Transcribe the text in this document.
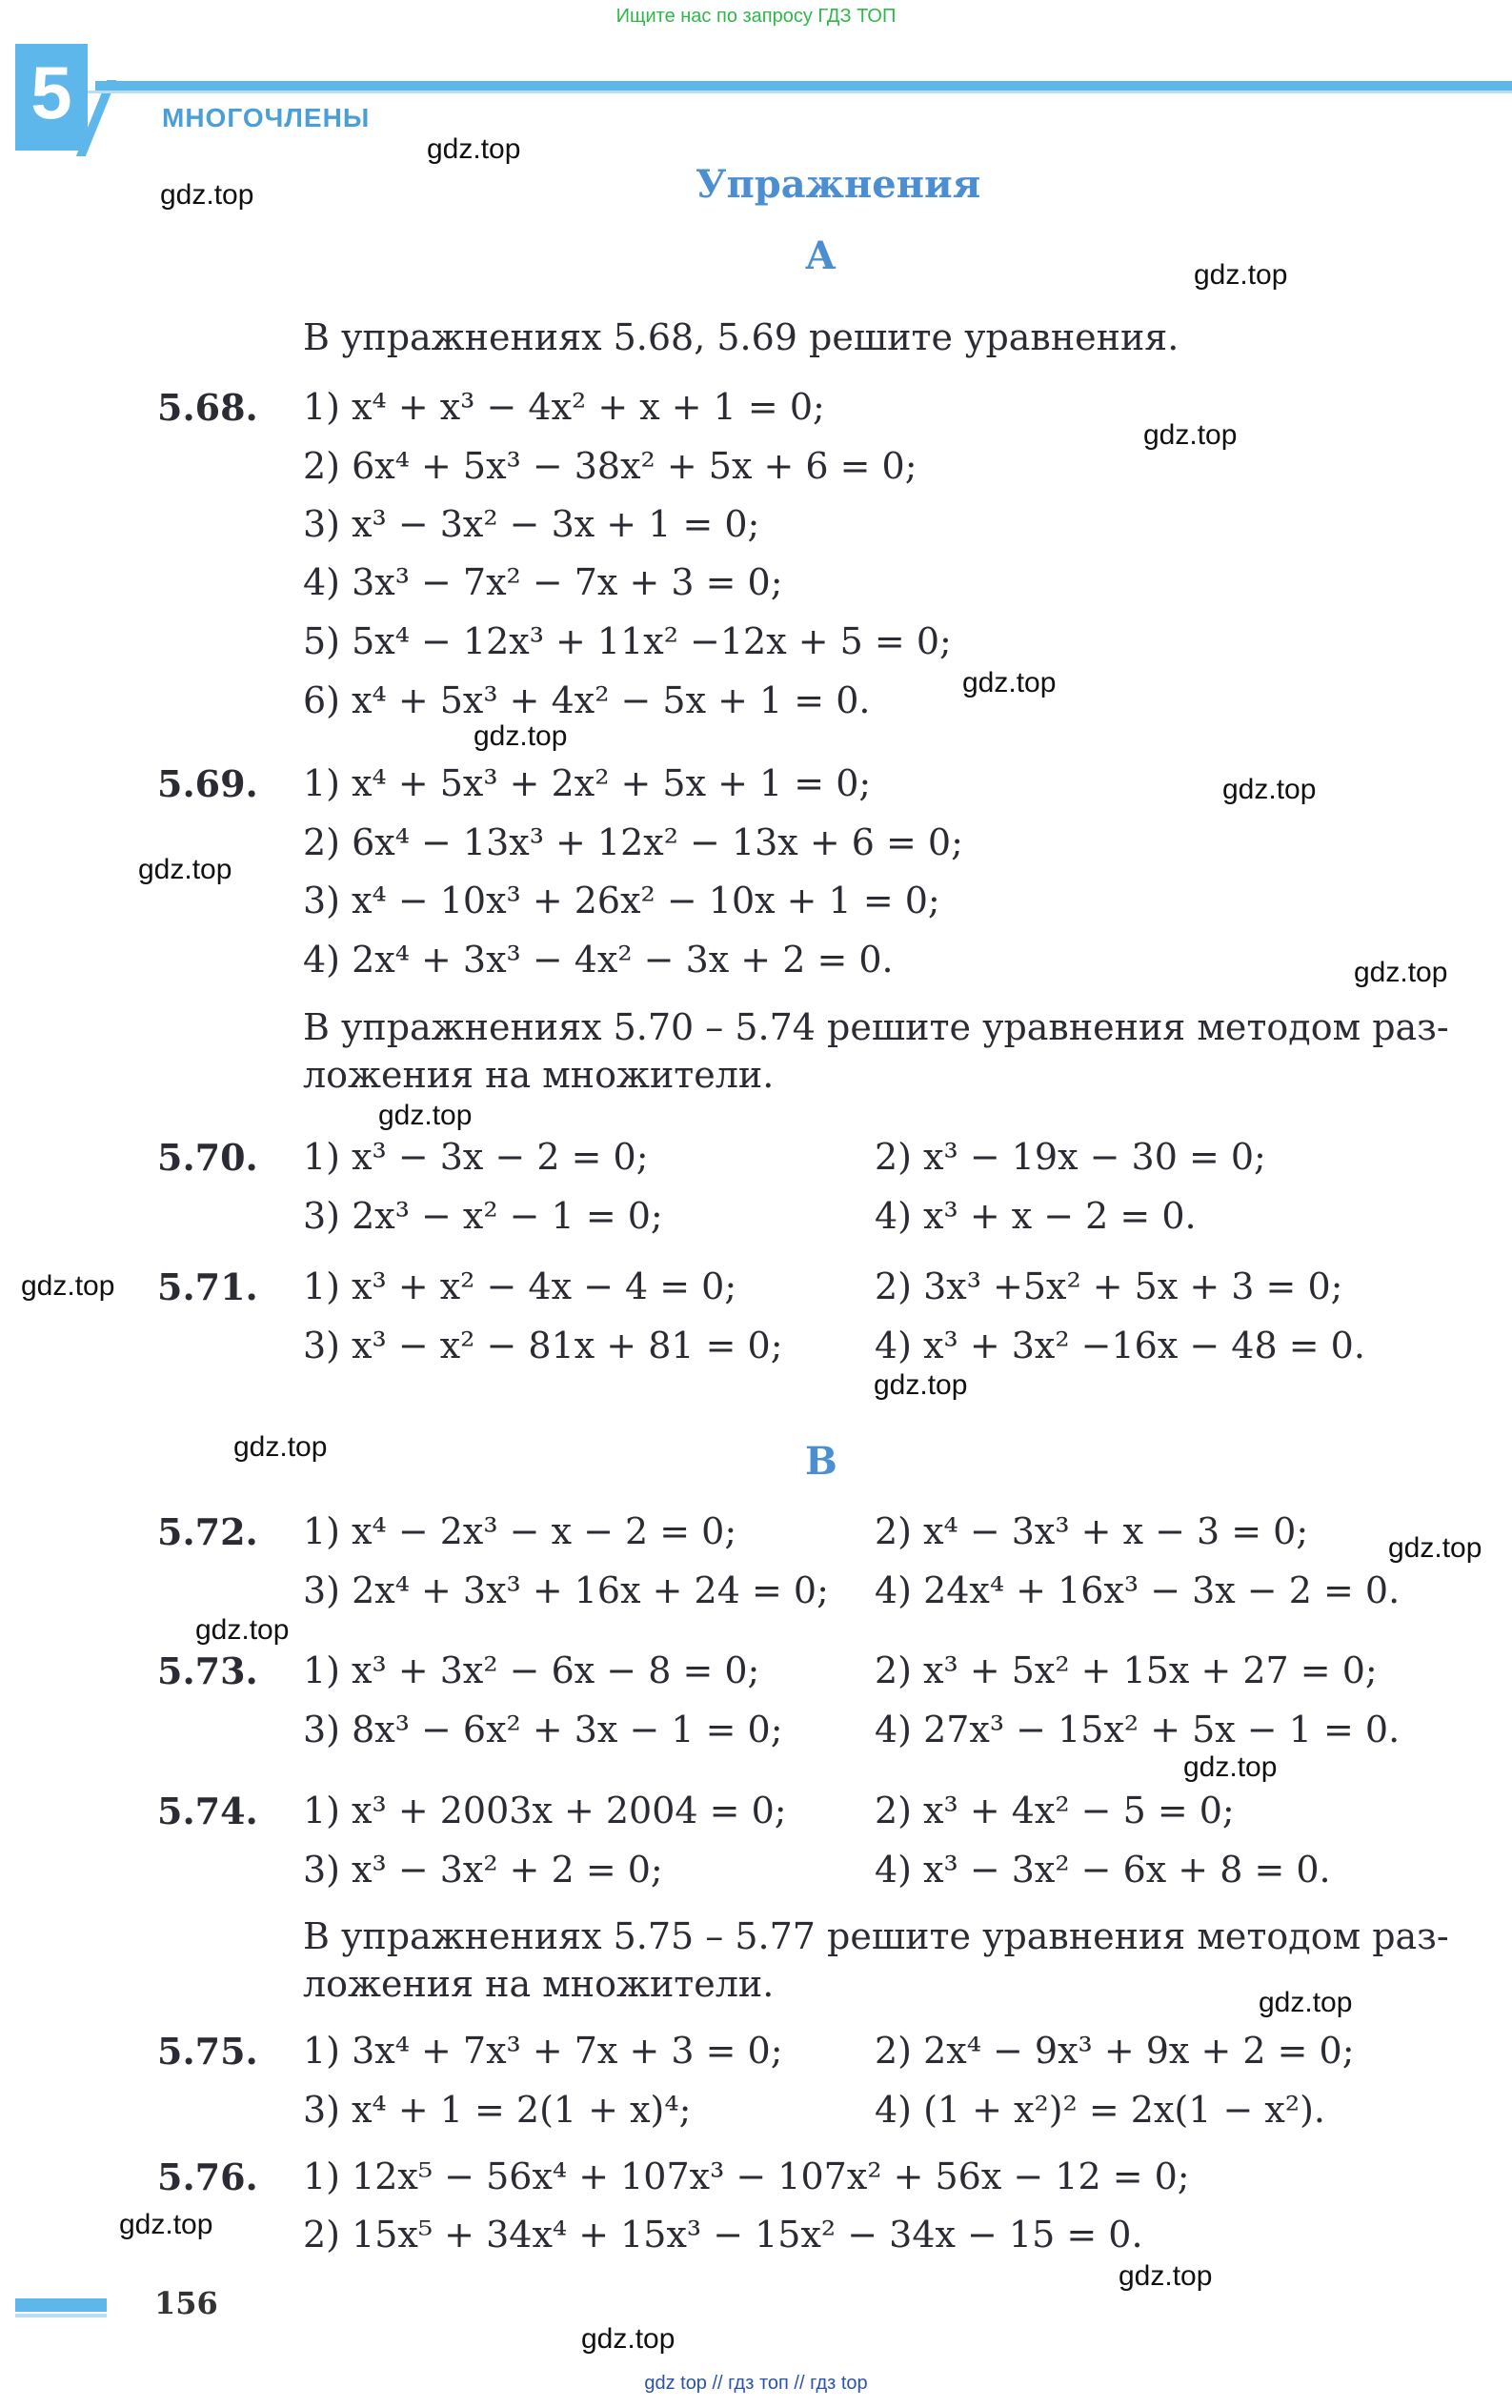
Ищите нас по запросу ГДЗ ТОП
gdz top // гдз топ // гдз top
5	МНОГОЧЛЕНЫ
Упражнения
А
В упражнениях 5.68, 5.69 решите уравнения.
5.68. 1) x⁴ + x³ − 4x² + x + 1 = 0;
2) 6x⁴ + 5x³ − 38x² + 5x + 6 = 0;
3) x³ − 3x² − 3x + 1 = 0;
4) 3x³ − 7x² − 7x + 3 = 0;
5) 5x⁴ − 12x³ + 11x² −12x + 5 = 0;
6) x⁴ + 5x³ + 4x² − 5x + 1 = 0.
5.69. 1) x⁴ + 5x³ + 2x² + 5x + 1 = 0;
2) 6x⁴ − 13x³ + 12x² − 13x + 6 = 0;
3) x⁴ − 10x³ + 26x² − 10x + 1 = 0;
4) 2x⁴ + 3x³ − 4x² − 3x + 2 = 0.
В упражнениях 5.70 – 5.74 решите уравнения методом раз-
ложения на множители.
5.70. 1) x³ − 3x − 2 = 0;	2) x³ − 19x − 30 = 0;
3) 2x³ − x² − 1 = 0;	4) x³ + x − 2 = 0.
5.71. 1) x³ + x² − 4x − 4 = 0;	2) 3x³ +5x² + 5x + 3 = 0;
3) x³ − x² − 81x + 81 = 0;	4) x³ + 3x² −16x − 48 = 0.
В
5.72. 1) x⁴ − 2x³ − x − 2 = 0;	2) x⁴ − 3x³ + x − 3 = 0;
3) 2x⁴ + 3x³ + 16x + 24 = 0; 4) 24x⁴ + 16x³ − 3x − 2 = 0.
5.73. 1) x³ + 3x² − 6x − 8 = 0;	2) x³ + 5x² + 15x + 27 = 0;
3) 8x³ − 6x² + 3x − 1 = 0;	4) 27x³ − 15x² + 5x − 1 = 0.
5.74. 1) x³ + 2003x + 2004 = 0; 2) x³ + 4x² − 5 = 0;
3) x³ − 3x² + 2 = 0;	4) x³ − 3x² − 6x + 8 = 0.
В упражнениях 5.75 – 5.77 решите уравнения методом раз-
ложения на множители.
5.75. 1) 3x⁴ + 7x³ + 7x + 3 = 0;	2) 2x⁴ − 9x³ + 9x + 2 = 0;
3) x⁴ + 1 = 2(1 + x)⁴;	4) (1 + x²)² = 2x(1 − x²).
5.76. 1) 12x⁵ − 56x⁴ + 107x³ − 107x² + 56x − 12 = 0;
2) 15x⁵ + 34x⁴ + 15x³ − 15x² − 34x − 15 = 0.
156
gdz.top
gdz.top
gdz.top
gdz.top
gdz.top
gdz.top
gdz.top
gdz.top
gdz.top
gdz.top
gdz.top
gdz.top
gdz.top
gdz.top
gdz.top
gdz.top
gdz.top
gdz.top
gdz.top
gdz.top
